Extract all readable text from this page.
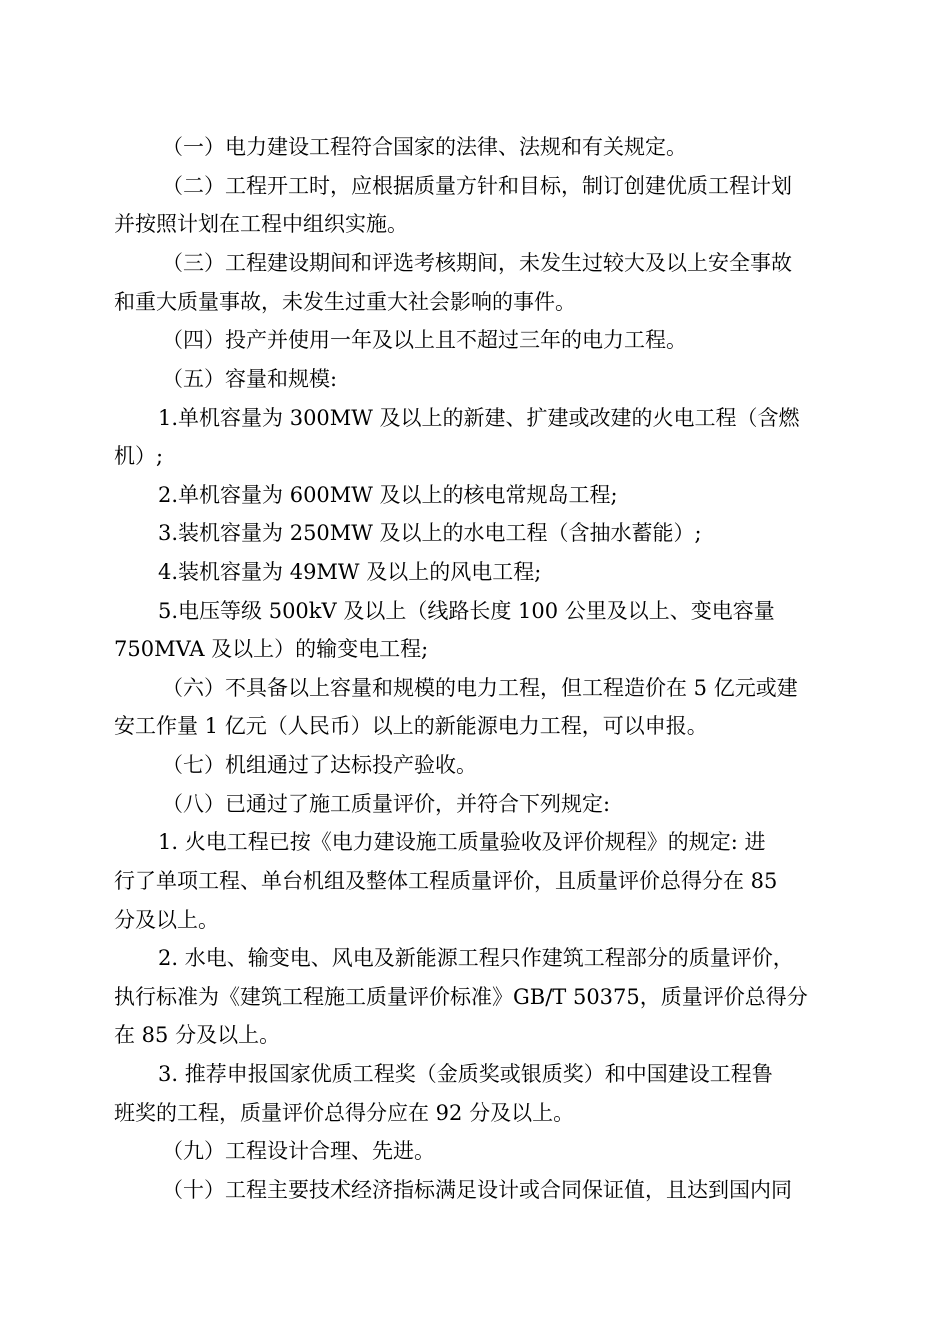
（一）电力建设工程符合国家的法律、法规和有关规定。
（二）工程开工时，应根据质量方针和目标，制订创建优质工程计划
并按照计划在工程中组织实施。
（三）工程建设期间和评选考核期间，未发生过较大及以上安全事故
和重大质量事故，未发生过重大社会影响的事件。
（四）投产并使用一年及以上且不超过三年的电力工程。
（五）容量和规模:
1.单机容量为 300MW 及以上的新建、扩建或改建的火电工程（含燃
机）;
2.单机容量为 600MW 及以上的核电常规岛工程;
3.装机容量为 250MW 及以上的水电工程（含抽水蓄能）;
4.装机容量为 49MW 及以上的风电工程;
5.电压等级 500kV 及以上（线路长度 100 公里及以上、变电容量
750MVA 及以上）的输变电工程;
（六）不具备以上容量和规模的电力工程，但工程造价在 5 亿元或建
安工作量 1 亿元（人民币）以上的新能源电力工程，可以申报。
（七）机组通过了达标投产验收。
（八）已通过了施工质量评价，并符合下列规定:
1. 火电工程已按《电力建设施工质量验收及评价规程》的规定: 进
行了单项工程、单台机组及整体工程质量评价，且质量评价总得分在 85
分及以上。
2. 水电、输变电、风电及新能源工程只作建筑工程部分的质量评价，
执行标准为《建筑工程施工质量评价标准》GB/T 50375，质量评价总得分
在 85 分及以上。
3. 推荐申报国家优质工程奖（金质奖或银质奖）和中国建设工程鲁
班奖的工程，质量评价总得分应在 92 分及以上。
（九）工程设计合理、先进。
（十）工程主要技术经济指标满足设计或合同保证值，且达到国内同
